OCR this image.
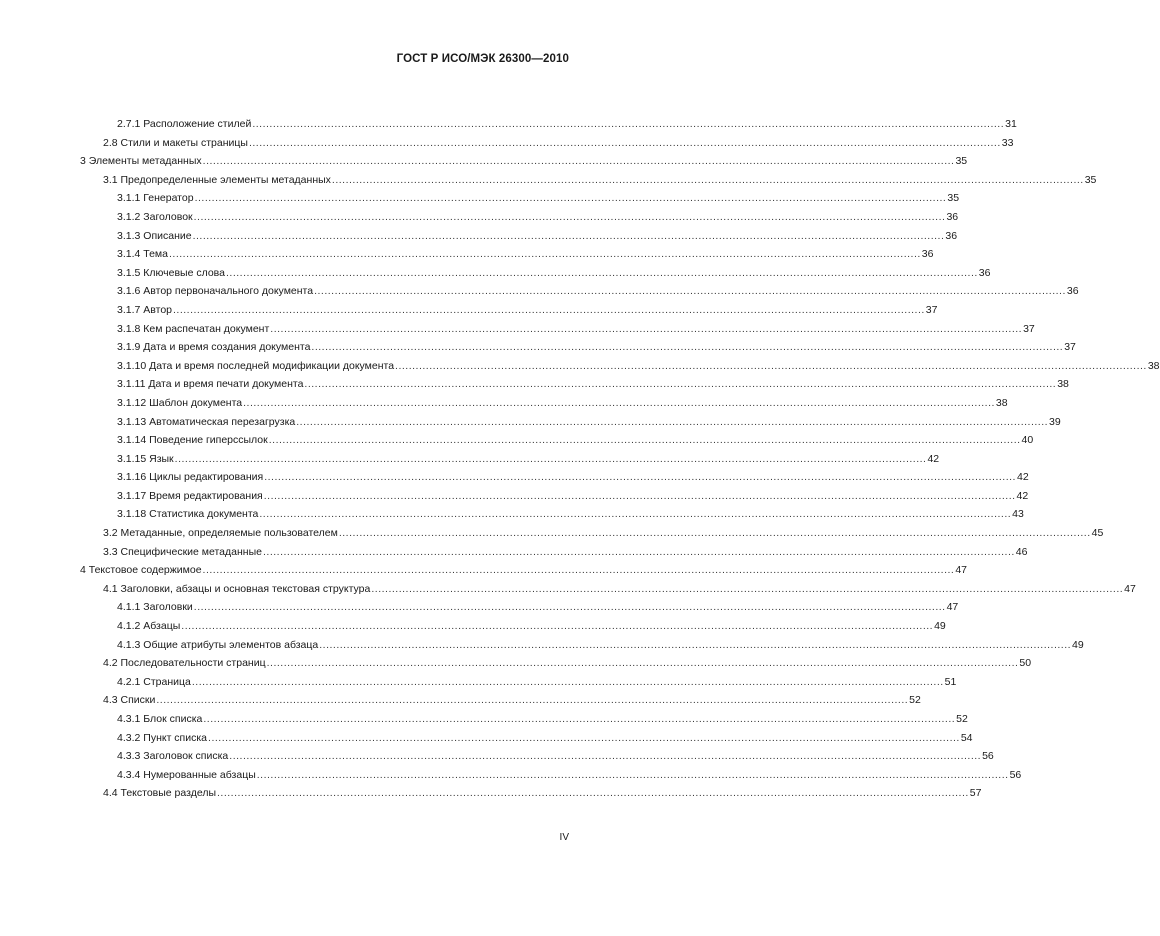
ГОСТ Р ИСО/МЭК 26300—2010
2.7.1 Расположение стилей ............................................................................................................................................................................................................................ 31
2.8 Стили и макеты страницы ............................................................................................................................................................................................................................ 33
3 Элементы метаданных ............................................................................................................................................................................................................................ 35
3.1 Предопределенные элементы метаданных ............................................................................................................................................................................................................................ 35
3.1.1 Генератор ............................................................................................................................................................................................................................ 35
3.1.2 Заголовок ............................................................................................................................................................................................................................ 36
3.1.3 Описание ............................................................................................................................................................................................................................ 36
3.1.4 Тема ............................................................................................................................................................................................................................ 36
3.1.5 Ключевые слова ............................................................................................................................................................................................................................ 36
3.1.6 Автор первоначального документа ............................................................................................................................................................................................................................ 36
3.1.7 Автор ............................................................................................................................................................................................................................ 37
3.1.8 Кем распечатан документ ............................................................................................................................................................................................................................ 37
3.1.9 Дата и время создания документа ............................................................................................................................................................................................................................ 37
3.1.10 Дата и время последней модификации документа ............................................................................................................................................................................................................................ 38
3.1.11 Дата и время печати документа ............................................................................................................................................................................................................................ 38
3.1.12 Шаблон документа ............................................................................................................................................................................................................................ 38
3.1.13 Автоматическая перезагрузка ............................................................................................................................................................................................................................ 39
3.1.14 Поведение гиперссылок ............................................................................................................................................................................................................................ 40
3.1.15 Язык ............................................................................................................................................................................................................................ 42
3.1.16 Циклы редактирования ............................................................................................................................................................................................................................ 42
3.1.17 Время редактирования ............................................................................................................................................................................................................................ 42
3.1.18 Статистика документа ............................................................................................................................................................................................................................ 43
3.2 Метаданные, определяемые пользователем ............................................................................................................................................................................................................................ 45
3.3 Специфические метаданные ............................................................................................................................................................................................................................ 46
4 Текстовое содержимое ............................................................................................................................................................................................................................ 47
4.1 Заголовки, абзацы и основная текстовая структура ............................................................................................................................................................................................................................ 47
4.1.1 Заголовки ............................................................................................................................................................................................................................ 47
4.1.2 Абзацы ............................................................................................................................................................................................................................ 49
4.1.3 Общие атрибуты элементов абзаца ............................................................................................................................................................................................................................ 49
4.2 Последовательности страниц ............................................................................................................................................................................................................................ 50
4.2.1 Страница ............................................................................................................................................................................................................................ 51
4.3 Списки ............................................................................................................................................................................................................................ 52
4.3.1 Блок списка ............................................................................................................................................................................................................................ 52
4.3.2 Пункт списка ............................................................................................................................................................................................................................ 54
4.3.3 Заголовок списка ............................................................................................................................................................................................................................ 56
4.3.4 Нумерованные абзацы ............................................................................................................................................................................................................................ 56
4.4 Текстовые разделы ............................................................................................................................................................................................................................ 57
IV
